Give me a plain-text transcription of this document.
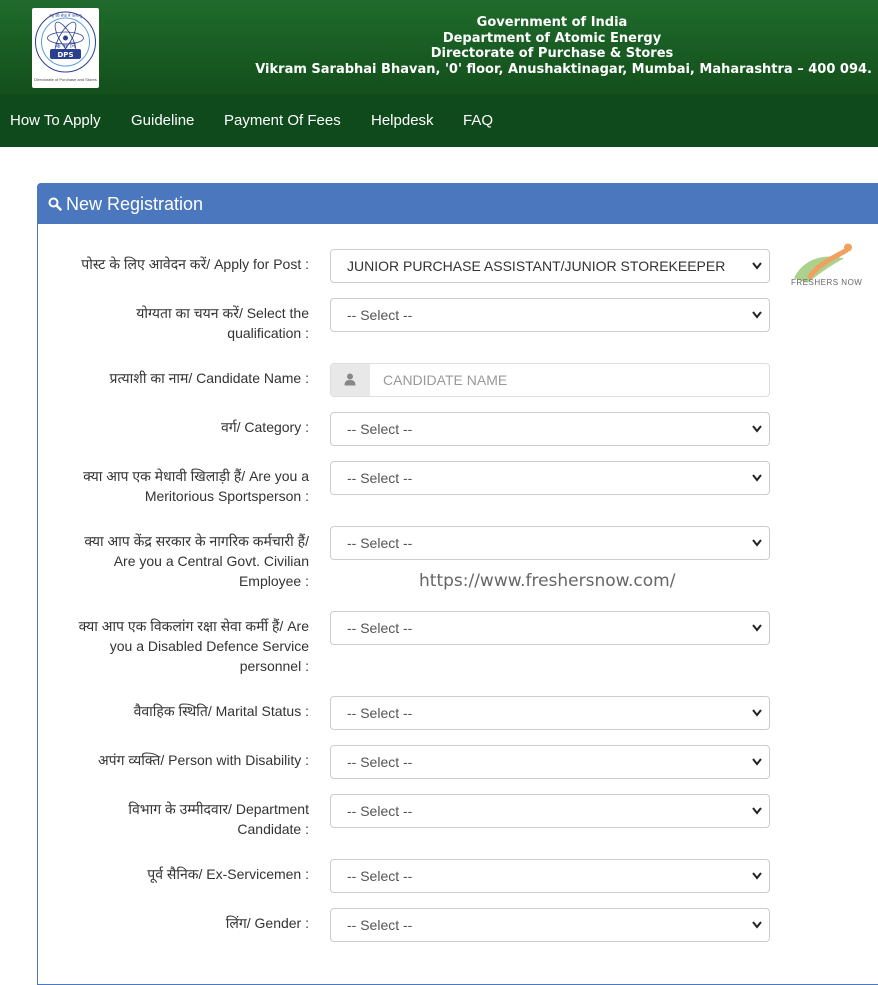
क भ नि
DPS
राष्ट्र की सेवा में परमाणु
Directorate of Purchase and Stores
Government of India
Department of Atomic Energy
Directorate of Purchase & Stores
Vikram Sarabhai Bhavan, '0' floor, Anushaktinagar, Mumbai, Maharashtra – 400 094.
How To Apply Guideline Payment Of Fees Helpdesk FAQ
New Registration
पोस्ट के लिए आवेदन करें/ Apply for Post :
योग्यता का चयन करें/ Select the
qualification :
प्रत्याशी का नाम/ Candidate Name :
वर्ग/ Category :
क्या आप एक मेधावी खिलाड़ी हैं/ Are you a
Meritorious Sportsperson :
क्या आप केंद्र सरकार के नागरिक कर्मचारी हैं/
Are you a Central Govt. Civilian
Employee :
क्या आप एक विकलांग रक्षा सेवा कर्मी हैं/ Are
you a Disabled Defence Service
personnel :
वैवाहिक स्थिति/ Marital Status :
अपंग व्यक्ति/ Person with Disability :
विभाग के उम्मीदवार/ Department
Candidate :
पूर्व सैनिक/ Ex-Servicemen :
लिंग/ Gender :
JUNIOR PURCHASE ASSISTANT/JUNIOR STOREKEEPER
-- Select --
CANDIDATE NAME
-- Select --
-- Select --
-- Select --
-- Select --
-- Select --
-- Select --
-- Select --
-- Select --
-- Select --
FRESHERS NOW
https://www.freshersnow.com/
